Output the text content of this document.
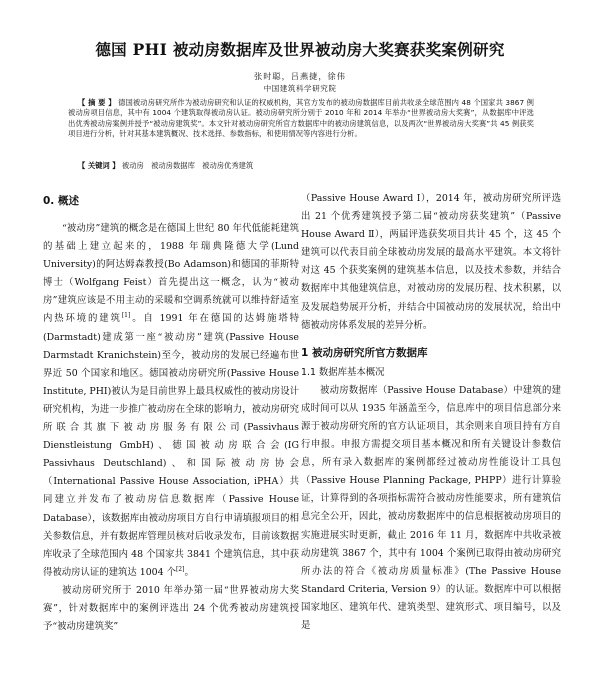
德国 PHI 被动房数据库及世界被动房大奖赛获奖案例研究
张时聪，吕燕捷，徐伟
中国建筑科学研究院
【 摘 要 】 德国被动房研究所作为被动房研究和认证的权威机构，其官方发布的被动房数据库目前共收录全球范围内 48 个国家共 3867 例被动房项目信息，其中有 1004 个建筑取得被动房认证。被动房研究所分别于 2010 年和 2014 年举办“世界被动房大奖赛”，从数据库中评选出优秀被动房案例并授予“被动房建筑奖”。本文针对被动房研究所官方数据库中的被动房建筑信息，以及两次“世界被动房大奖赛”共 45 例获奖项目进行分析，针对其基本建筑概况、技术选择、参数指标，和使用情况等内容进行分析。
【 关键词 】 被动房　被动房数据库　被动房优秀建筑
0. 概述

“被动房”建筑的概念是在德国上世纪 80 年代低能耗建筑的基础上建立起来的，1988 年瑞典隆德大学(Lund University)的阿达姆森教授(Bo Adamson)和德国的菲斯特博士（Wolfgang Feist）首先提出这一概念，认为“被动房”建筑应该是不用主动的采暖和空调系统就可以维持舒适室内热环境的建筑[1]。自 1991 年在德国的达姆施塔特(Darmstadt)建成第一座“被动房”建筑(Passive House Darmstadt Kranichstein)至今，被动房的发展已经遍布世界近 50 个国家和地区。德国被动房研究所(Passive House Institute, PHI)被认为是目前世界上最具权威性的被动房设计研究机构，为进一步推广被动房在全球的影响力，被动房研究所联合其旗下被动房服务有限公司(Passivhaus Dienstleistung GmbH)、德国被动房联合会(IG Passivhaus Deutschland)、和国际被动房协会（International Passive House Association, iPHA）共同建立并发布了被动房信息数据库（Passive House Database），该数据库由被动房项目方自行申请填报项目的相关参数信息，并有数据库管理员核对后收录发布，目前该数据库收录了全球范围内 48 个国家共 3841 个建筑信息，其中获得被动房认证的建筑达 1004 个[2]。

被动房研究所于 2010 年举办第一届“世界被动房大奖赛”，针对数据库中的案例评选出 24 个优秀被动房建筑授予“被动房建筑奖”

（Passive House Award Ⅰ），2014 年，被动房研究所评选出 21 个优秀建筑授予第二届“被动房获奖建筑”（Passive House Award Ⅱ），两届评选获奖项目共计 45 个，这 45 个建筑可以代表目前全球被动房发展的最高水平建筑。本文将针对这 45 个获奖案例的建筑基本信息，以及技术参数，并结合数据库中其他建筑信息，对被动房的发展历程、技术积累，以及发展趋势展开分析，并结合中国被动房的发展状况，给出中德被动房体系发展的差异分析。

1 被动房研究所官方数据库
1.1 数据库基本概况

被动房数据库（Passive House Database）中建筑的建成时间可以从 1935 年涵盖至今，信息库中的项目信息部分来源于被动房研究所的官方认证项目，其余则来自项目持有方自行申报。申报方需提交项目基本概况和所有关键设计参数信息，所有录入数据库的案例都经过被动房性能设计工具包（Passive House Planning Package, PHPP）进行计算验证，计算得到的各项指标需符合被动房性能要求，所有建筑信息完全公开，因此，被动房数据库中的信息根据被动房项目的实施进展实时更新，截止 2016 年 11 月，数据库中共收录被动房建筑 3867 个，其中有 1004 个案例已取得由被动房研究所办法的符合《被动房质量标准》(The Passive House Standard Criteria, Version 9）的认证。数据库中可以根据国家地区、建筑年代、建筑类型、建筑形式、项目编号，以及是
